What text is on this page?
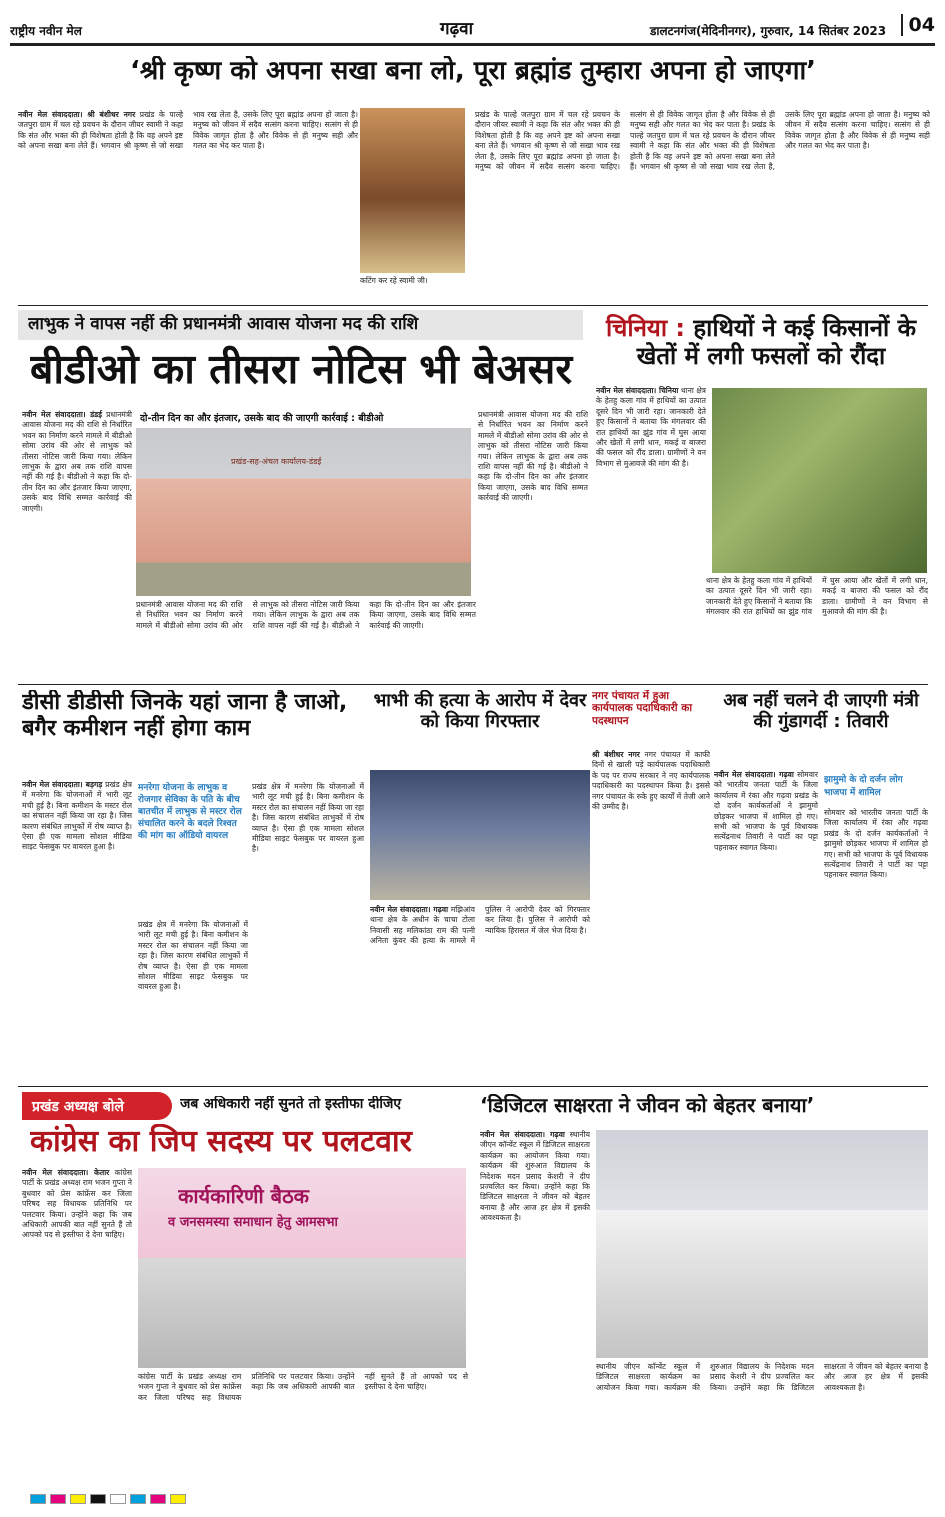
राष्ट्रीय नवीन मेल	गढ़वा	डालटनगंज(मेदिनीनगर), गुरुवार, 14 सितंबर 2023	04
‘श्री कृष्ण को अपना सखा बना लो, पूरा ब्रह्मांड तुम्हारा अपना हो जाएगा’
नवीन मेल संवाददाता। श्री बंशीधर नगर प्रखंड के पाल्हे जतपुरा ग्राम में चल रहे प्रवचन के दौरान जीयर स्वामी ने कहा कि संत और भक्त की ही विशेषता होती है कि वह अपने इष्ट को अपना सखा बना लेते हैं। भगवान श्री कृष्ण से जो सखा भाव रख लेता है, उसके लिए पूरा ब्रह्मांड अपना हो जाता है। मनुष्य को जीवन में सदैव सत्संग करना चाहिए। सत्संग से ही विवेक जागृत होता है और विवेक से ही मनुष्य सही और गलत का भेद कर पाता है।
कटिंग कर रहे स्वामी जी।
प्रखंड के पाल्हे जतपुरा ग्राम में चल रहे प्रवचन के दौरान जीयर स्वामी ने कहा कि संत और भक्त की ही विशेषता होती है कि वह अपने इष्ट को अपना सखा बना लेते हैं। भगवान श्री कृष्ण से जो सखा भाव रख लेता है, उसके लिए पूरा ब्रह्मांड अपना हो जाता है। मनुष्य को जीवन में सदैव सत्संग करना चाहिए। सत्संग से ही विवेक जागृत होता है और विवेक से ही मनुष्य सही और गलत का भेद कर पाता है। प्रखंड के पाल्हे जतपुरा ग्राम में चल रहे प्रवचन के दौरान जीयर स्वामी ने कहा कि संत और भक्त की ही विशेषता होती है कि वह अपने इष्ट को अपना सखा बना लेते हैं। भगवान श्री कृष्ण से जो सखा भाव रख लेता है, उसके लिए पूरा ब्रह्मांड अपना हो जाता है। मनुष्य को जीवन में सदैव सत्संग करना चाहिए। सत्संग से ही विवेक जागृत होता है और विवेक से ही मनुष्य सही और गलत का भेद कर पाता है।
लाभुक ने वापस नहीं की प्रधानमंत्री आवास योजना मद की राशि
बीडीओ का तीसरा नोटिस भी बेअसर
नवीन मेल संवाददाता। डंडई प्रधानमंत्री आवास योजना मद की राशि से निर्धारित भवन का निर्माण करने मामले में बीडीओ सोमा उरांव की ओर से लाभुक को तीसरा नोटिस जारी किया गया। लेकिन लाभुक के द्वारा अब तक राशि वापस नहीं की गई है। बीडीओ ने कहा कि दो-तीन दिन का और इंतजार किया जाएगा, उसके बाद विधि सम्मत कार्रवाई की जाएगी।
दो-तीन दिन का और इंतजार, उसके बाद की जाएगी कार्रवाई : बीडीओ
प्रखंड-सह-अंचल कार्यालय-डंडई
प्रधानमंत्री आवास योजना मद की राशि से निर्धारित भवन का निर्माण करने मामले में बीडीओ सोमा उरांव की ओर से लाभुक को तीसरा नोटिस जारी किया गया। लेकिन लाभुक के द्वारा अब तक राशि वापस नहीं की गई है। बीडीओ ने कहा कि दो-तीन दिन का और इंतजार किया जाएगा, उसके बाद विधि सम्मत कार्रवाई की जाएगी।
प्रधानमंत्री आवास योजना मद की राशि से निर्धारित भवन का निर्माण करने मामले में बीडीओ सोमा उरांव की ओर से लाभुक को तीसरा नोटिस जारी किया गया। लेकिन लाभुक के द्वारा अब तक राशि वापस नहीं की गई है। बीडीओ ने कहा कि दो-तीन दिन का और इंतजार किया जाएगा, उसके बाद विधि सम्मत कार्रवाई की जाएगी।
चिनिया : हाथियों ने कई किसानों के खेतों में लगी फसलों को रौंदा
नवीन मेल संवाददाता। चिनिया थाना क्षेत्र के हेतहु कला गांव में हाथियों का उत्पात दूसरे दिन भी जारी रहा। जानकारी देते हुए किसानों ने बताया कि मंगलवार की रात हाथियों का झुंड गांव में घुस आया और खेतों में लगी धान, मकई व बाजरा की फसल को रौंद डाला। ग्रामीणों ने वन विभाग से मुआवजे की मांग की है।
थाना क्षेत्र के हेतहु कला गांव में हाथियों का उत्पात दूसरे दिन भी जारी रहा। जानकारी देते हुए किसानों ने बताया कि मंगलवार की रात हाथियों का झुंड गांव में घुस आया और खेतों में लगी धान, मकई व बाजरा की फसल को रौंद डाला। ग्रामीणों ने वन विभाग से मुआवजे की मांग की है।
डीसी डीडीसी जिनके यहां जाना है जाओ, बगैर कमीशन नहीं होगा काम
नवीन मेल संवाददाता। बड़गड़ प्रखंड क्षेत्र में मनरेगा कि योजनाओं में भारी लूट मची हुई है। बिना कमीशन के मस्टर रोल का संचालन नहीं किया जा रहा है। जिस कारण संबंधित लाभुकों में रोष व्याप्त है। ऐसा ही एक मामला सोशल मीडिया साइट फेसबुक पर वायरल हुआ है।
मनरेगा योजना के लाभुक व रोजगार सेविका के पति के बीच बातचीत में लाभुक से मस्टर रोल संचालित करने के बदले रिश्वत की मांग का ऑडियो वायरल
प्रखंड क्षेत्र में मनरेगा कि योजनाओं में भारी लूट मची हुई है। बिना कमीशन के मस्टर रोल का संचालन नहीं किया जा रहा है। जिस कारण संबंधित लाभुकों में रोष व्याप्त है। ऐसा ही एक मामला सोशल मीडिया साइट फेसबुक पर वायरल हुआ है।
प्रखंड क्षेत्र में मनरेगा कि योजनाओं में भारी लूट मची हुई है। बिना कमीशन के मस्टर रोल का संचालन नहीं किया जा रहा है। जिस कारण संबंधित लाभुकों में रोष व्याप्त है। ऐसा ही एक मामला सोशल मीडिया साइट फेसबुक पर वायरल हुआ है।
भाभी की हत्या के आरोप में देवर को किया गिरफ्तार
नवीन मेल संवाददाता। गढ़वा मझिआंव थाना क्षेत्र के अधीन के चाचा टोला निवासी सह मलिकांठा राम की पत्नी अनिता कुंवर की हत्या के मामले में पुलिस ने आरोपी देवर को गिरफ्तार कर लिया है। पुलिस ने आरोपी को न्यायिक हिरासत में जेल भेज दिया है।
नगर पंचायत में हुआ कार्यपालक पदाधिकारी का पदस्थापन
श्री बंशीधर नगर नगर पंचायत में काफी दिनों से खाली पड़े कार्यपालक पदाधिकारी के पद पर राज्य सरकार ने नए कार्यपालक पदाधिकारी का पदस्थापन किया है। इससे नगर पंचायत के रुके हुए कार्यों में तेजी आने की उम्मीद है।
अब नहीं चलने दी जाएगी मंत्री की गुंडागर्दी : तिवारी
नवीन मेल संवाददाता। गढ़वा सोमवार को भारतीय जनता पार्टी के जिला कार्यालय में रंका और गढ़वा प्रखंड के दो दर्जन कार्यकर्ताओं ने झामुमो छोड़कर भाजपा में शामिल हो गए। सभी को भाजपा के पूर्व विधायक सत्येंद्रनाथ तिवारी ने पार्टी का पट्टा पहनाकर स्वागत किया।
झामुमो के दो दर्जन लोग भाजपा में शामिल
सोमवार को भारतीय जनता पार्टी के जिला कार्यालय में रंका और गढ़वा प्रखंड के दो दर्जन कार्यकर्ताओं ने झामुमो छोड़कर भाजपा में शामिल हो गए। सभी को भाजपा के पूर्व विधायक सत्येंद्रनाथ तिवारी ने पार्टी का पट्टा पहनाकर स्वागत किया।
प्रखंड अध्यक्ष बोले	जब अधिकारी नहीं सुनते तो इस्तीफा दीजिए
कांग्रेस का जिप सदस्य पर पलटवार
नवीन मेल संवाददाता। केतार कांग्रेस पार्टी के प्रखंड अध्यक्ष राम भजन गुप्ता ने बुधवार को प्रेस कांफ्रेंस कर जिला परिषद सह विधायक प्रतिनिधि पर पलटवार किया। उन्होंने कहा कि जब अधिकारी आपकी बात नहीं सुनते हैं तो आपको पद से इस्तीफा दे देना चाहिए।
कार्यकारिणी बैठक
व जनसमस्या समाधान हेतु आमसभा
कांग्रेस पार्टी के प्रखंड अध्यक्ष राम भजन गुप्ता ने बुधवार को प्रेस कांफ्रेंस कर जिला परिषद सह विधायक प्रतिनिधि पर पलटवार किया। उन्होंने कहा कि जब अधिकारी आपकी बात नहीं सुनते हैं तो आपको पद से इस्तीफा दे देना चाहिए।
‘डिजिटल साक्षरता ने जीवन को बेहतर बनाया’
नवीन मेल संवाददाता। गढ़वा स्थानीय जीएन कॉन्वेंट स्कूल में डिजिटल साक्षरता कार्यक्रम का आयोजन किया गया। कार्यक्रम की शुरुआत विद्यालय के निदेशक मदन प्रसाद केशरी ने दीप प्रज्वलित कर किया। उन्होंने कहा कि डिजिटल साक्षरता ने जीवन को बेहतर बनाया है और आज हर क्षेत्र में इसकी आवश्यकता है।
स्थानीय जीएन कॉन्वेंट स्कूल में डिजिटल साक्षरता कार्यक्रम का आयोजन किया गया। कार्यक्रम की शुरुआत विद्यालय के निदेशक मदन प्रसाद केशरी ने दीप प्रज्वलित कर किया। उन्होंने कहा कि डिजिटल साक्षरता ने जीवन को बेहतर बनाया है और आज हर क्षेत्र में इसकी आवश्यकता है।
